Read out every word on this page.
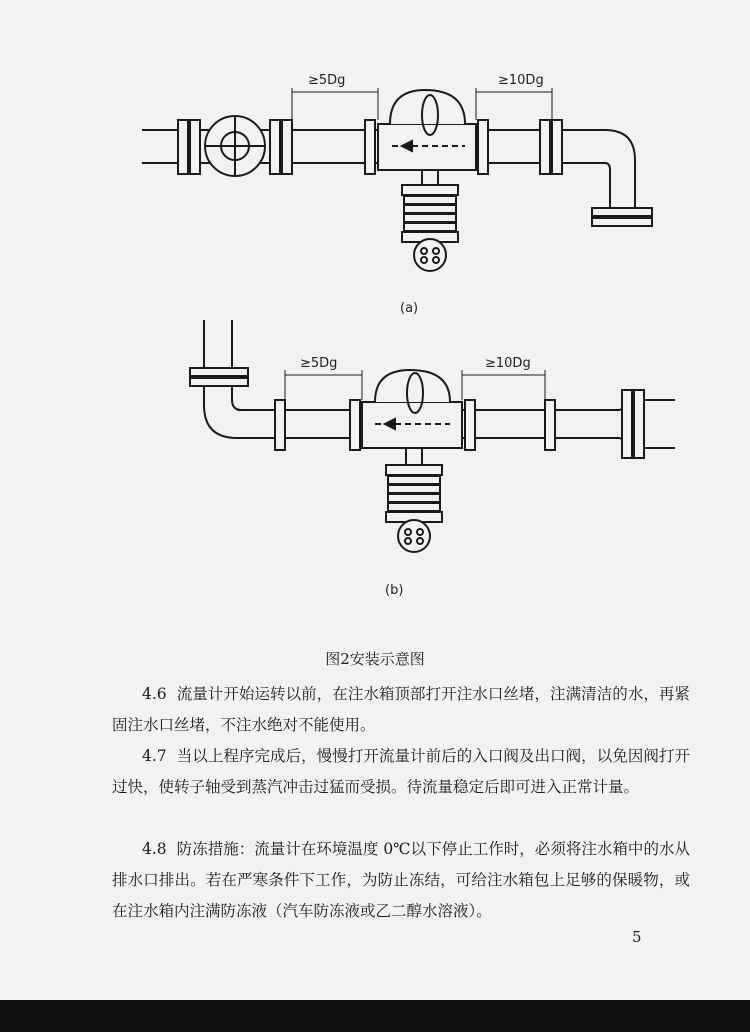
≥5Dg	≥10Dg
(a)
≥5Dg	≥10Dg
(b)
图2安装示意图
4.6 流量计开始运转以前，在注水箱顶部打开注水口丝堵，注满清洁的水，再紧固注水口丝堵，不注水绝对不能使用。
4.7 当以上程序完成后，慢慢打开流量计前后的入口阀及出口阀，以免因阀打开过快，使转子轴受到蒸汽冲击过猛而受损。待流量稳定后即可进入正常计量。
4.8 防冻措施：流量计在环境温度 0℃以下停止工作时，必须将注水箱中的水从排水口排出。若在严寒条件下工作，为防止冻结，可给注水箱包上足够的保暖物，或在注水箱内注满防冻液（汽车防冻液或乙二醇水溶液）。
5
